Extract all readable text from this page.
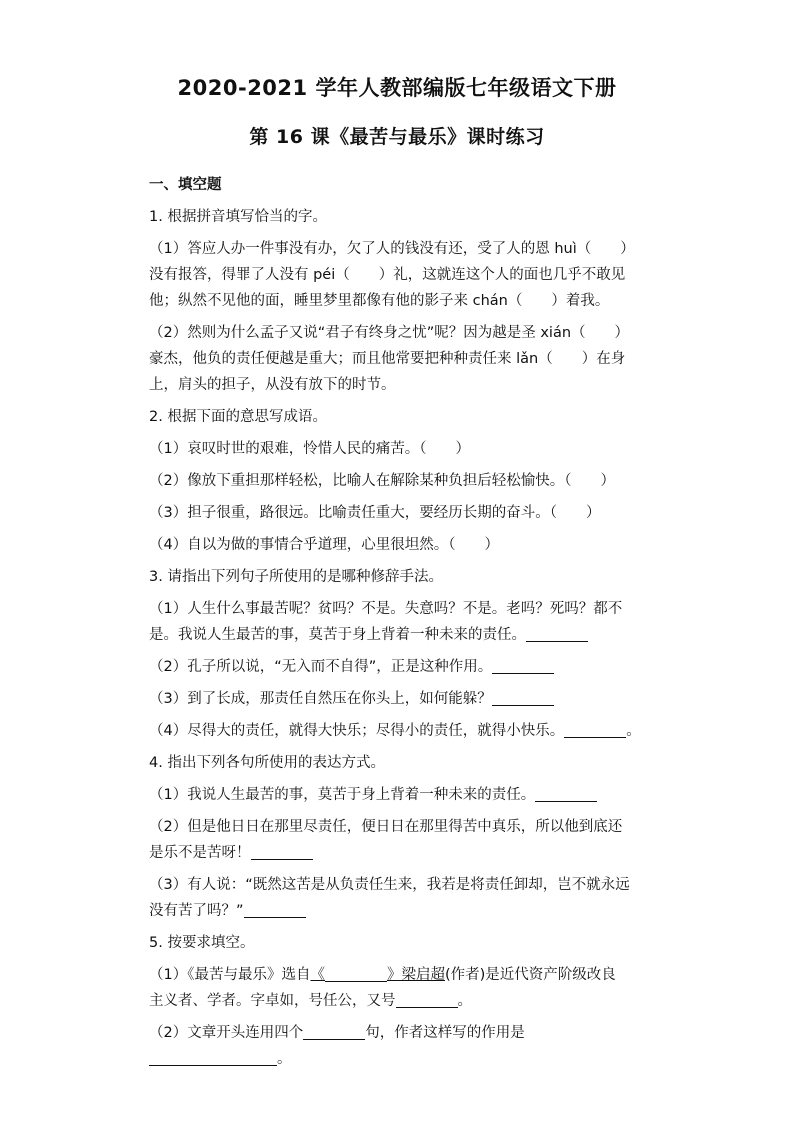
2020-2021 学年人教部编版七年级语文下册
第 16 课《最苦与最乐》课时练习
一、填空题
1. 根据拼音填写恰当的字。
（1）答应人办一件事没有办，欠了人的钱没有还，受了人的恩 huì（　　）
没有报答，得罪了人没有 péi（　　）礼，这就连这个人的面也几乎不敢见
他；纵然不见他的面，睡里梦里都像有他的影子来 chán（　　）着我。
（2）然则为什么孟子又说“君子有终身之忧”呢？因为越是圣 xián（　　）
豪杰，他负的责任便越是重大；而且他常要把种种责任来 lǎn（　　）在身
上，肩头的担子，从没有放下的时节。
2. 根据下面的意思写成语。
（1）哀叹时世的艰难，怜惜人民的痛苦。（　　）
（2）像放下重担那样轻松，比喻人在解除某种负担后轻松愉快。（　　）
（3）担子很重，路很远。比喻责任重大，要经历长期的奋斗。（　　）
（4）自以为做的事情合乎道理，心里很坦然。（　　）
3. 请指出下列句子所使用的是哪种修辞手法。
（1）人生什么事最苦呢？贫吗？不是。失意吗？不是。老吗？死吗？都不
是。我说人生最苦的事，莫苦于身上背着一种未来的责任。
（2）孔子所以说，“无入而不自得”，正是这种作用。
（3）到了长成，那责任自然压在你头上，如何能躲？
（4）尽得大的责任，就得大快乐；尽得小的责任，就得小快乐。	。
4. 指出下列各句所使用的表达方式。
（1）我说人生最苦的事，莫苦于身上背着一种未来的责任。
（2）但是他日日在那里尽责任，便日日在那里得苦中真乐，所以他到底还
是乐不是苦呀！
（3）有人说：“既然这苦是从负责任生来，我若是将责任卸却，岂不就永远
没有苦了吗？”
5. 按要求填空。
（1）《最苦与最乐》选自《	》梁启超(作者)是近代资产阶级改良
主义者、学者。字卓如，号任公，又号	。
（2）文章开头连用四个	句，作者这样写的作用是
。
